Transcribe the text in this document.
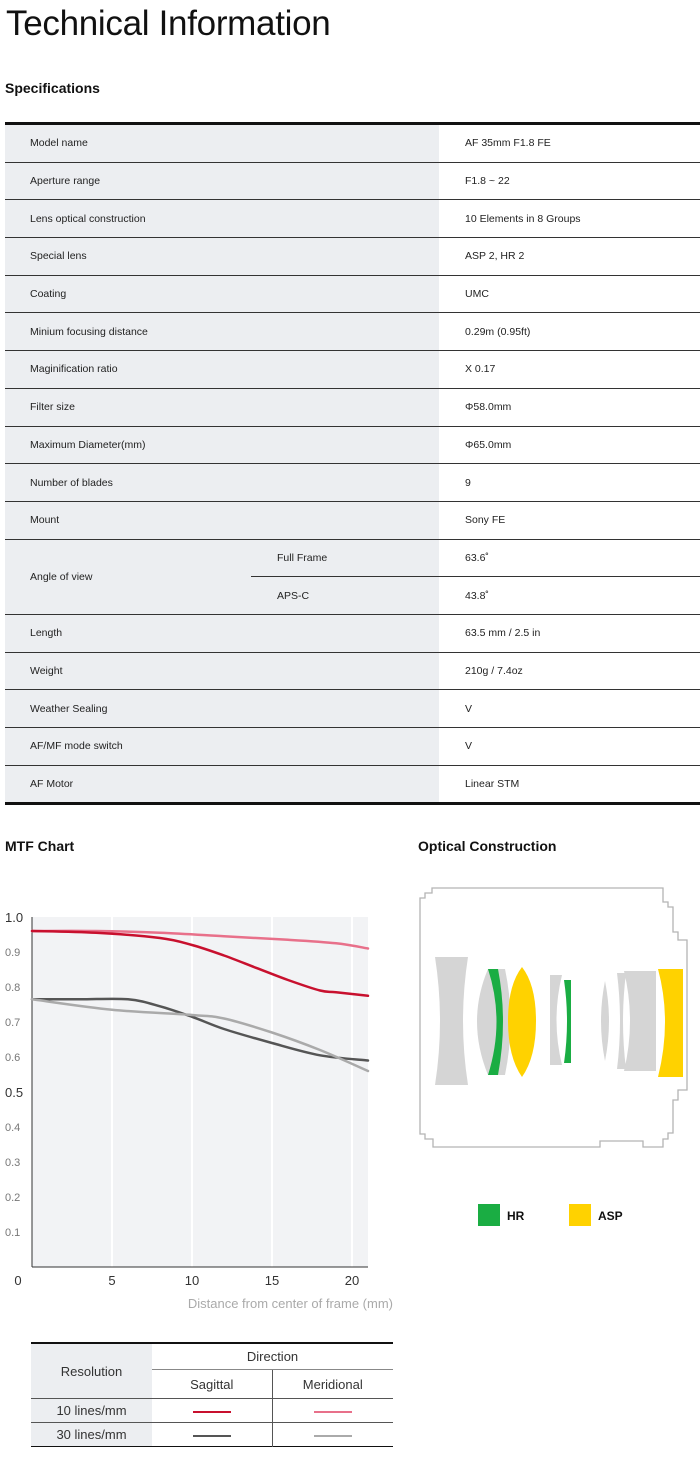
Technical Information
Specifications
Model name		AF 35mm F1.8 FE
Aperture range		F1.8 ~ 22
Lens optical construction		10 Elements in 8 Groups
Special lens		ASP 2, HR 2
Coating		UMC
Minium focusing distance		0.29m (0.95ft)
Maginification ratio		X 0.17
Filter size		Φ58.0mm
Maximum Diameter(mm)		Φ65.0mm
Number of blades		9
Mount		Sony FE
Angle of view	Full Frame	63.6˚
	APS-C	43.8˚
Length		63.5 mm / 2.5 in
Weight		210g / 7.4oz
Weather Sealing		V
AF/MF mode switch		V
AF Motor		Linear STM
MTF Chart	Optical Construction
0.1
0.2
0.3
0.4
0.5
0.6
0.7
0.8
0.9
1.0
0	5	10	15	20
Distance from center of frame (mm)
HR	ASP
Resolution	Direction	
	Sagittal	Meridional
10 lines/mm		
30 lines/mm		
